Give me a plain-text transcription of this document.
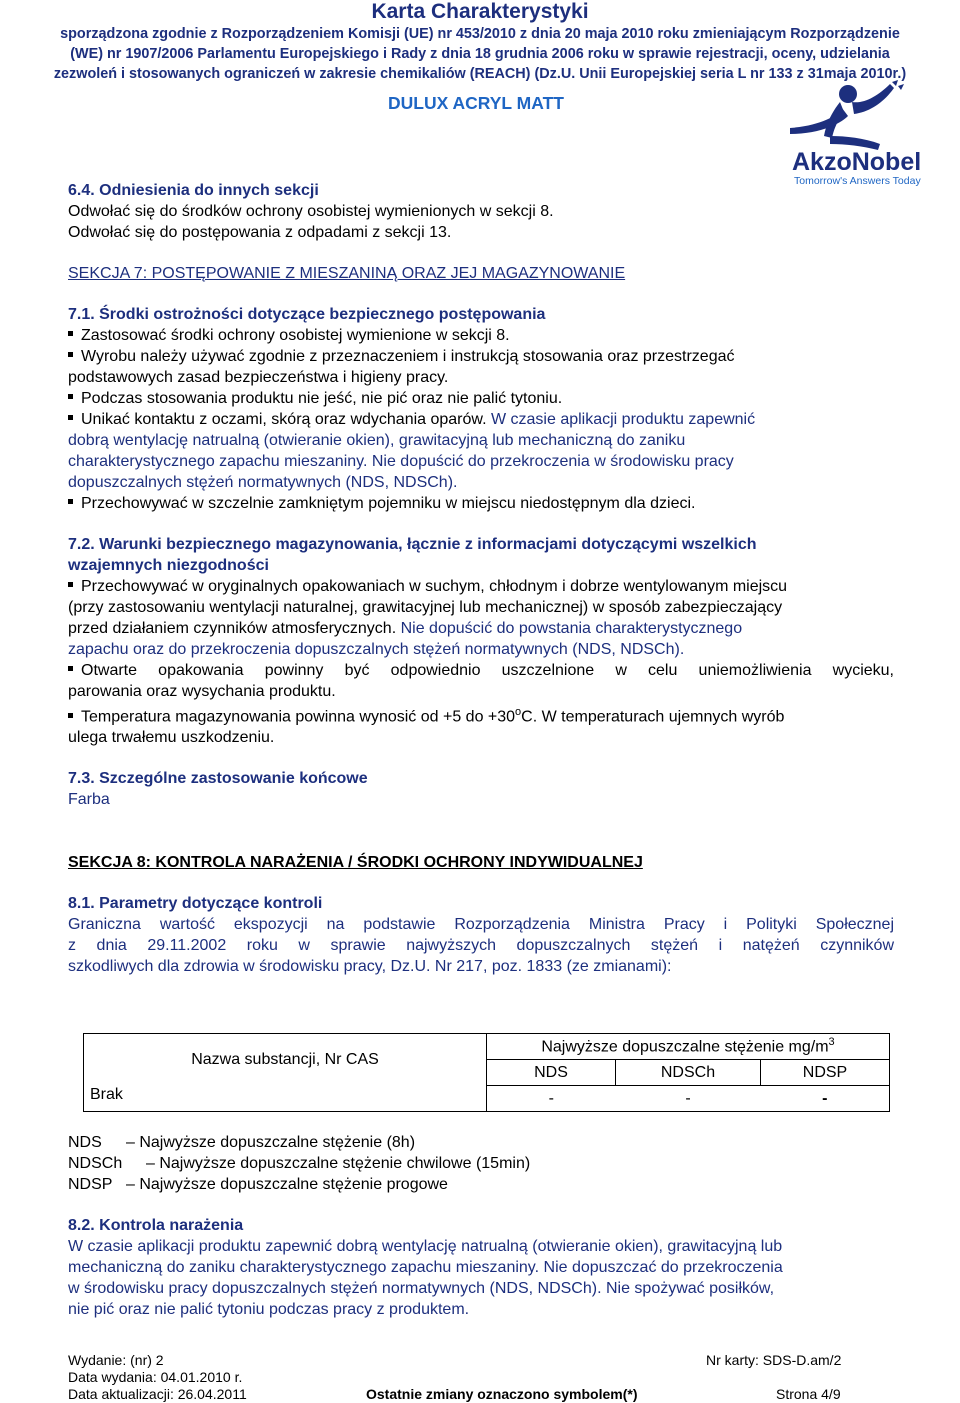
Karta Charakterystyki
sporządzona zgodnie z Rozporządzeniem Komisji (UE) nr 453/2010 z dnia 20 maja 2010 roku zmieniającym Rozporządzenie
(WE) nr 1907/2006 Parlamentu Europejskiego i Rady z dnia 18 grudnia 2006 roku w sprawie rejestracji, oceny, udzielania
zezwoleń i stosowanych ograniczeń w zakresie chemikaliów (REACH) (Dz.U. Unii Europejskiej seria L nr 133 z 31maja 2010r.)
DULUX ACRYL MATT
AkzoNobel
Tomorrow's Answers Today
6.4. Odniesienia do innych sekcji
Odwołać się do środków ochrony osobistej wymienionych w sekcji 8.
Odwołać się do postępowania z odpadami z sekcji 13.
SEKCJA 7: POSTĘPOWANIE Z MIESZANINĄ ORAZ JEJ MAGAZYNOWANIE
7.1. Środki ostrożności dotyczące bezpiecznego postępowania
Zastosować środki ochrony osobistej wymienione w sekcji 8.
Wyrobu należy używać zgodnie z przeznaczeniem i instrukcją stosowania oraz przestrzegać
podstawowych zasad bezpieczeństwa i higieny pracy.
Podczas stosowania produktu nie jeść, nie pić oraz nie palić tytoniu.
Unikać kontaktu z oczami, skórą oraz wdychania oparów. W czasie aplikacji produktu zapewnić
dobrą wentylację natrualną (otwieranie okien), grawitacyjną lub mechaniczną do zaniku
charakterystycznego zapachu mieszaniny. Nie dopuścić do przekroczenia w środowisku pracy
dopuszczalnych stężeń normatywnych (NDS, NDSCh).
Przechowywać w szczelnie zamkniętym pojemniku w miejscu niedostępnym dla dzieci.
7.2. Warunki bezpiecznego magazynowania, łącznie z informacjami dotyczącymi wszelkich
wzajemnych niezgodności
Przechowywać w oryginalnych opakowaniach w suchym, chłodnym i dobrze wentylowanym miejscu
(przy zastosowaniu wentylacji naturalnej, grawitacyjnej lub mechanicznej) w sposób zabezpieczający
przed działaniem czynników atmosferycznych. Nie dopuścić do powstania charakterystycznego
zapachu oraz do przekroczenia dopuszczalnych stężeń normatywnych (NDS, NDSCh).
Otwarte opakowania powinny być odpowiednio uszczelnione w celu uniemożliwienia wycieku,
parowania oraz wysychania produktu.
Temperatura magazynowania powinna wynosić od +5 do $+30^oC$. W temperaturach ujemnych wyrób
ulega trwałemu uszkodzeniu.
7.3. Szczególne zastosowanie końcowe
Farba
SEKCJA 8: KONTROLA NARAŻENIA / ŚRODKI OCHRONY INDYWIDUALNEJ
8.1. Parametry dotyczące kontroli
Graniczna wartość ekspozycji na podstawie Rozporządzenia Ministra Pracy i Polityki Społecznej
z dnia 29.11.2002 roku w sprawie najwyższych dopuszczalnych stężeń i natężeń czynników
szkodliwych dla zdrowia w środowisku pracy, Dz.U. Nr 217, poz. 1833 (ze zmianami):
Nazwa substancji, Nr CAS	Najwyższe dopuszczalne stężenie $mg/m^3$
	NDS	NDSCh	NDSP
Brak	-	-	-
NDS – Najwyższe dopuszczalne stężenie (8h)
NDSCh – Najwyższe dopuszczalne stężenie chwilowe (15min)
NDSP – Najwyższe dopuszczalne stężenie progowe
8.2. Kontrola narażenia
W czasie aplikacji produktu zapewnić dobrą wentylację natrualną (otwieranie okien), grawitacyjną lub
mechaniczną do zaniku charakterystycznego zapachu mieszaniny. Nie dopuszczać do przekroczenia
w środowisku pracy dopuszczalnych stężeń normatywnych (NDS, NDSCh). Nie spożywać posiłków,
nie pić oraz nie palić tytoniu podczas pracy z produktem.
Wydanie: (nr) 2	Nr karty: SDS-D.am/2
Data wydania: 04.01.2010 r.
Data aktualizacji: 26.04.2011	Ostatnie zmiany oznaczono symbolem(*)	Strona 4/9
